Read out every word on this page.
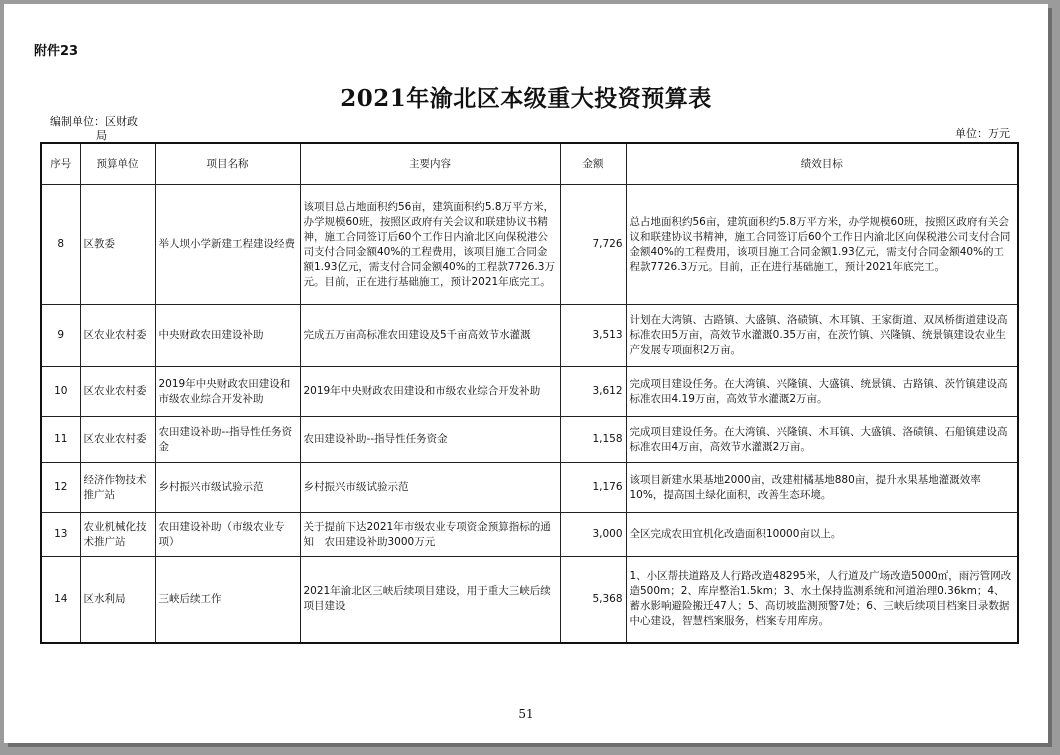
附件23
2021年渝北区本级重大投资预算表
编制单位：区财政
局	单位：万元
51
序号	预算单位	项目名称	主要内容	金额	绩效目标
8	区教委	举人坝小学新建工程建设经费	该项目总占地面积约56亩，建筑面积约5.8万平方米，办学规模60班，按照区政府有关会议和联建协议书精神，施工合同签订后60个工作日内渝北区向保税港公司支付合同金额40%的工程费用，该项目施工合同金额1.93亿元，需支付合同金额40%的工程款7726.3万元。目前，正在进行基础施工，预计2021年底完工。	7,726	总占地面积约56亩，建筑面积约5.8万平方米，办学规模60班，按照区政府有关会议和联建协议书精神，施工合同签订后60个工作日内渝北区向保税港公司支付合同金额40%的工程费用，该项目施工合同金额1.93亿元，需支付合同金额40%的工程款7726.3万元。目前，正在进行基础施工，预计2021年底完工。
9	区农业农村委	中央财政农田建设补助	完成五万亩高标准农田建设及5千亩高效节水灌溉	3,513	计划在大湾镇、古路镇、大盛镇、洛碛镇、木耳镇、王家街道、双凤桥街道建设高标准农田5万亩，高效节水灌溉0.35万亩，在茨竹镇、兴隆镇、统景镇建设农业生产发展专项面积2万亩。
10	区农业农村委	2019年中央财政农田建设和市级农业综合开发补助	2019年中央财政农田建设和市级农业综合开发补助	3,612	完成项目建设任务。在大湾镇、兴隆镇、大盛镇、统景镇、古路镇、茨竹镇建设高标准农田4.19万亩，高效节水灌溉2万亩。
11	区农业农村委	农田建设补助--指导性任务资金	农田建设补助--指导性任务资金	1,158	完成项目建设任务。在大湾镇、兴隆镇、木耳镇、大盛镇、洛碛镇、石船镇建设高标准农田4万亩，高效节水灌溉2万亩。
12	经济作物技术推广站	乡村振兴市级试验示范	乡村振兴市级试验示范	1,176	该项目新建水果基地2000亩，改建柑橘基地880亩，提升水果基地灌溉效率10%，提高国土绿化面积，改善生态环境。
13	农业机械化技术推广站	农田建设补助（市级农业专项）	关于提前下达2021年市级农业专项资金预算指标的通知　农田建设补助3000万元	3,000	全区完成农田宜机化改造面积10000亩以上。
14	区水利局	三峡后续工作	2021年渝北区三峡后续项目建设，用于重大三峡后续项目建设	5,368	1、小区帮扶道路及人行路改造48295米，人行道及广场改造5000㎡，雨污管网改造500m；2、库岸整治1.5km；3、水土保持监测系统和河道治理0.36km；4、蓄水影响避险搬迁47人；5、高切坡监测预警7处；6、三峡后续项目档案目录数据中心建设，智慧档案服务，档案专用库房。
